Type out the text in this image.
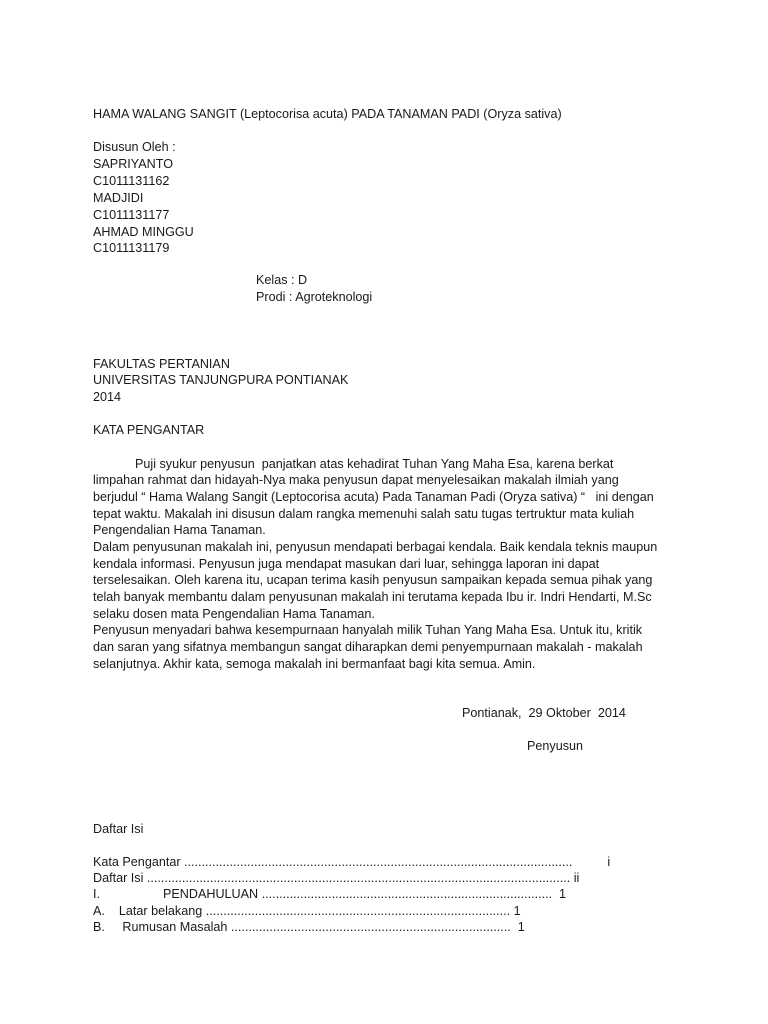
HAMA WALANG SANGIT (Leptocorisa acuta) PADA TANAMAN PADI (Oryza sativa)
Disusun Oleh :
SAPRIYANTO
C1011131162
MADJIDI
C1011131177
AHMAD MINGGU
C1011131179
Kelas : D
Prodi : Agroteknologi
FAKULTAS PERTANIAN
UNIVERSITAS TANJUNGPURA PONTIANAK
2014
KATA PENGANTAR
Puji syukur penyusun  panjatkan atas kehadirat Tuhan Yang Maha Esa, karena berkat
limpahan rahmat dan hidayah-Nya maka penyusun dapat menyelesaikan makalah ilmiah yang
berjudul “ Hama Walang Sangit (Leptocorisa acuta) Pada Tanaman Padi (Oryza sativa) “   ini dengan
tepat waktu. Makalah ini disusun dalam rangka memenuhi salah satu tugas tertruktur mata kuliah
Pengendalian Hama Tanaman.
Dalam penyusunan makalah ini, penyusun mendapati berbagai kendala. Baik kendala teknis maupun
kendala informasi. Penyusun juga mendapat masukan dari luar, sehingga laporan ini dapat
terselesaikan. Oleh karena itu, ucapan terima kasih penyusun sampaikan kepada semua pihak yang
telah banyak membantu dalam penyusunan makalah ini terutama kepada Ibu ir. Indri Hendarti, M.Sc
selaku dosen mata Pengendalian Hama Tanaman.
Penyusun menyadari bahwa kesempurnaan hanyalah milik Tuhan Yang Maha Esa. Untuk itu, kritik
dan saran yang sifatnya membangun sangat diharapkan demi penyempurnaan makalah - makalah
selanjutnya. Akhir kata, semoga makalah ini bermanfaat bagi kita semua. Amin.
Pontianak,  29 Oktober  2014
Penyusun
Daftar Isi
Kata Pengantar ...............................................................................................................          i
Daftar Isi ......................................................................................................................... ii
I.                  PENDAHULUAN ...................................................................................  1
A.    Latar belakang ....................................................................................... 1
B.     Rumusan Masalah ................................................................................  1
